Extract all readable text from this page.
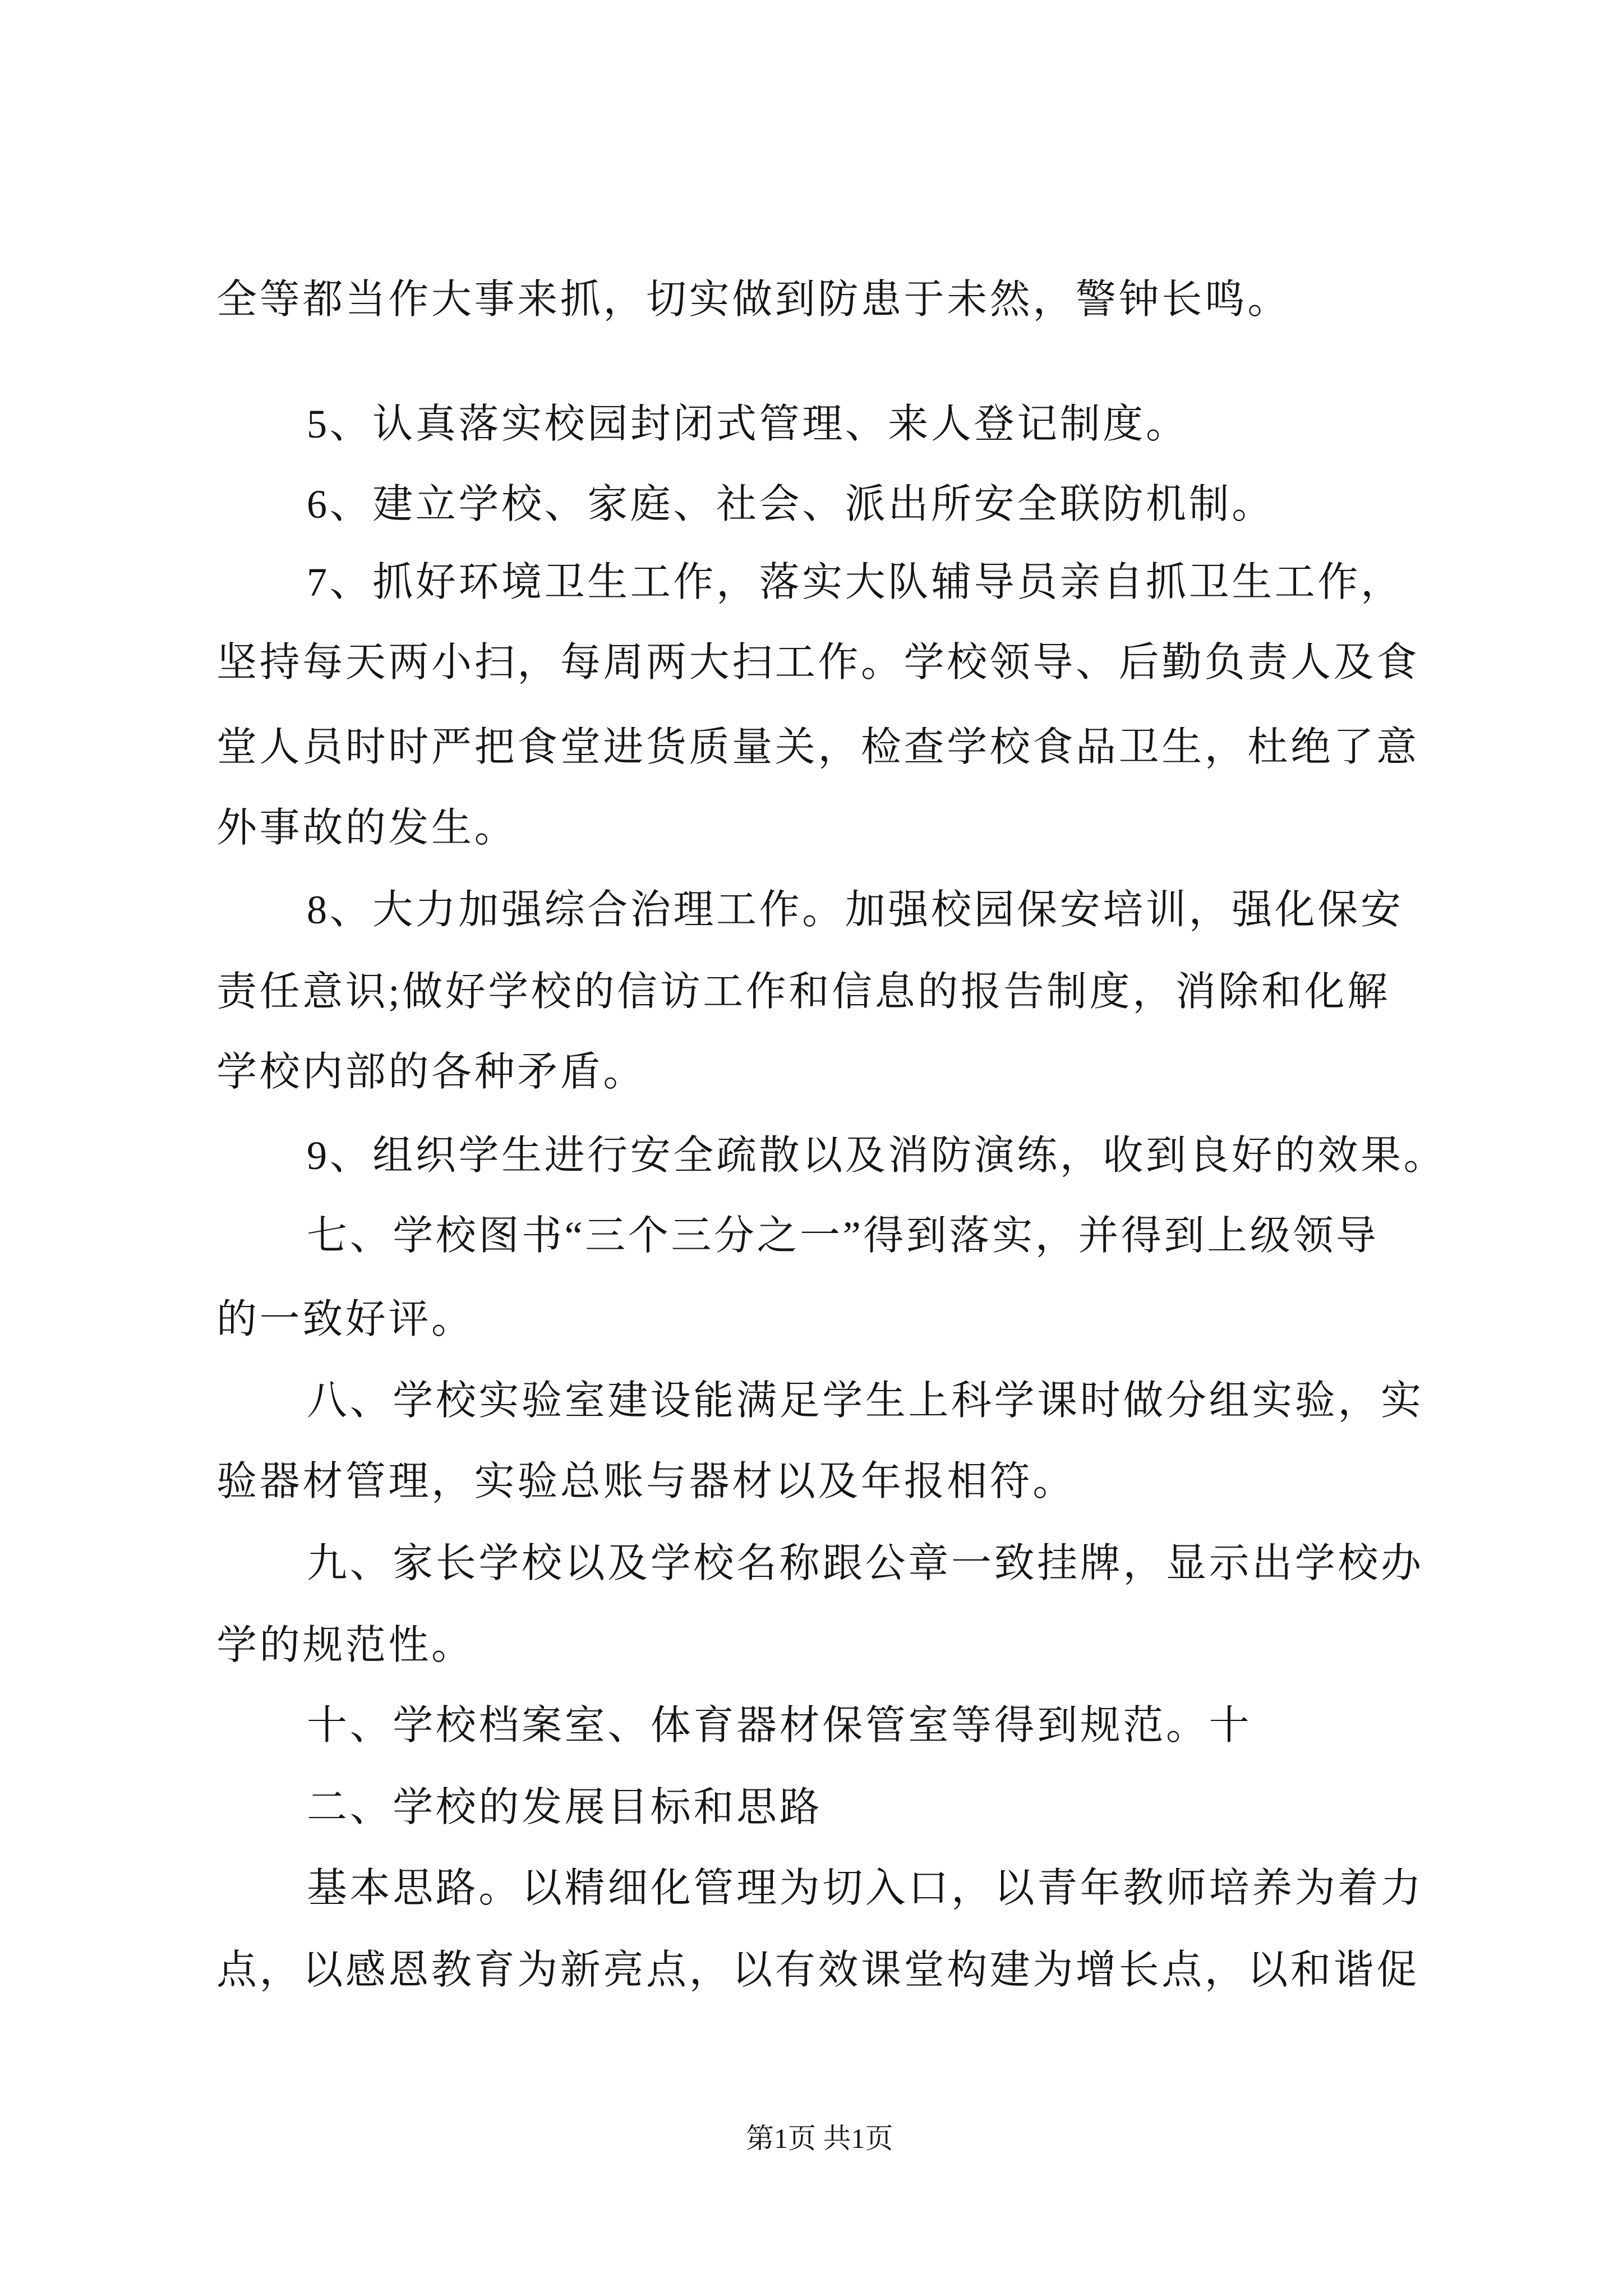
全等都当作大事来抓，切实做到防患于未然，警钟长鸣。
5、认真落实校园封闭式管理、来人登记制度。
6、建立学校、家庭、社会、派出所安全联防机制。
7、抓好环境卫生工作，落实大队辅导员亲自抓卫生工作，
坚持每天两小扫，每周两大扫工作。学校领导、后勤负责人及食
堂人员时时严把食堂进货质量关，检查学校食品卫生，杜绝了意
外事故的发生。
8、大力加强综合治理工作。加强校园保安培训，强化保安
责任意识;做好学校的信访工作和信息的报告制度，消除和化解
学校内部的各种矛盾。
9、组织学生进行安全疏散以及消防演练，收到良好的效果。
七、学校图书“三个三分之一”得到落实，并得到上级领导
的一致好评。
八、学校实验室建设能满足学生上科学课时做分组实验，实
验器材管理，实验总账与器材以及年报相符。
九、家长学校以及学校名称跟公章一致挂牌，显示出学校办
学的规范性。
十、学校档案室、体育器材保管室等得到规范。十
二、学校的发展目标和思路
基本思路。以精细化管理为切入口，以青年教师培养为着力
点，以感恩教育为新亮点，以有效课堂构建为增长点，以和谐促
第1页 共1页
